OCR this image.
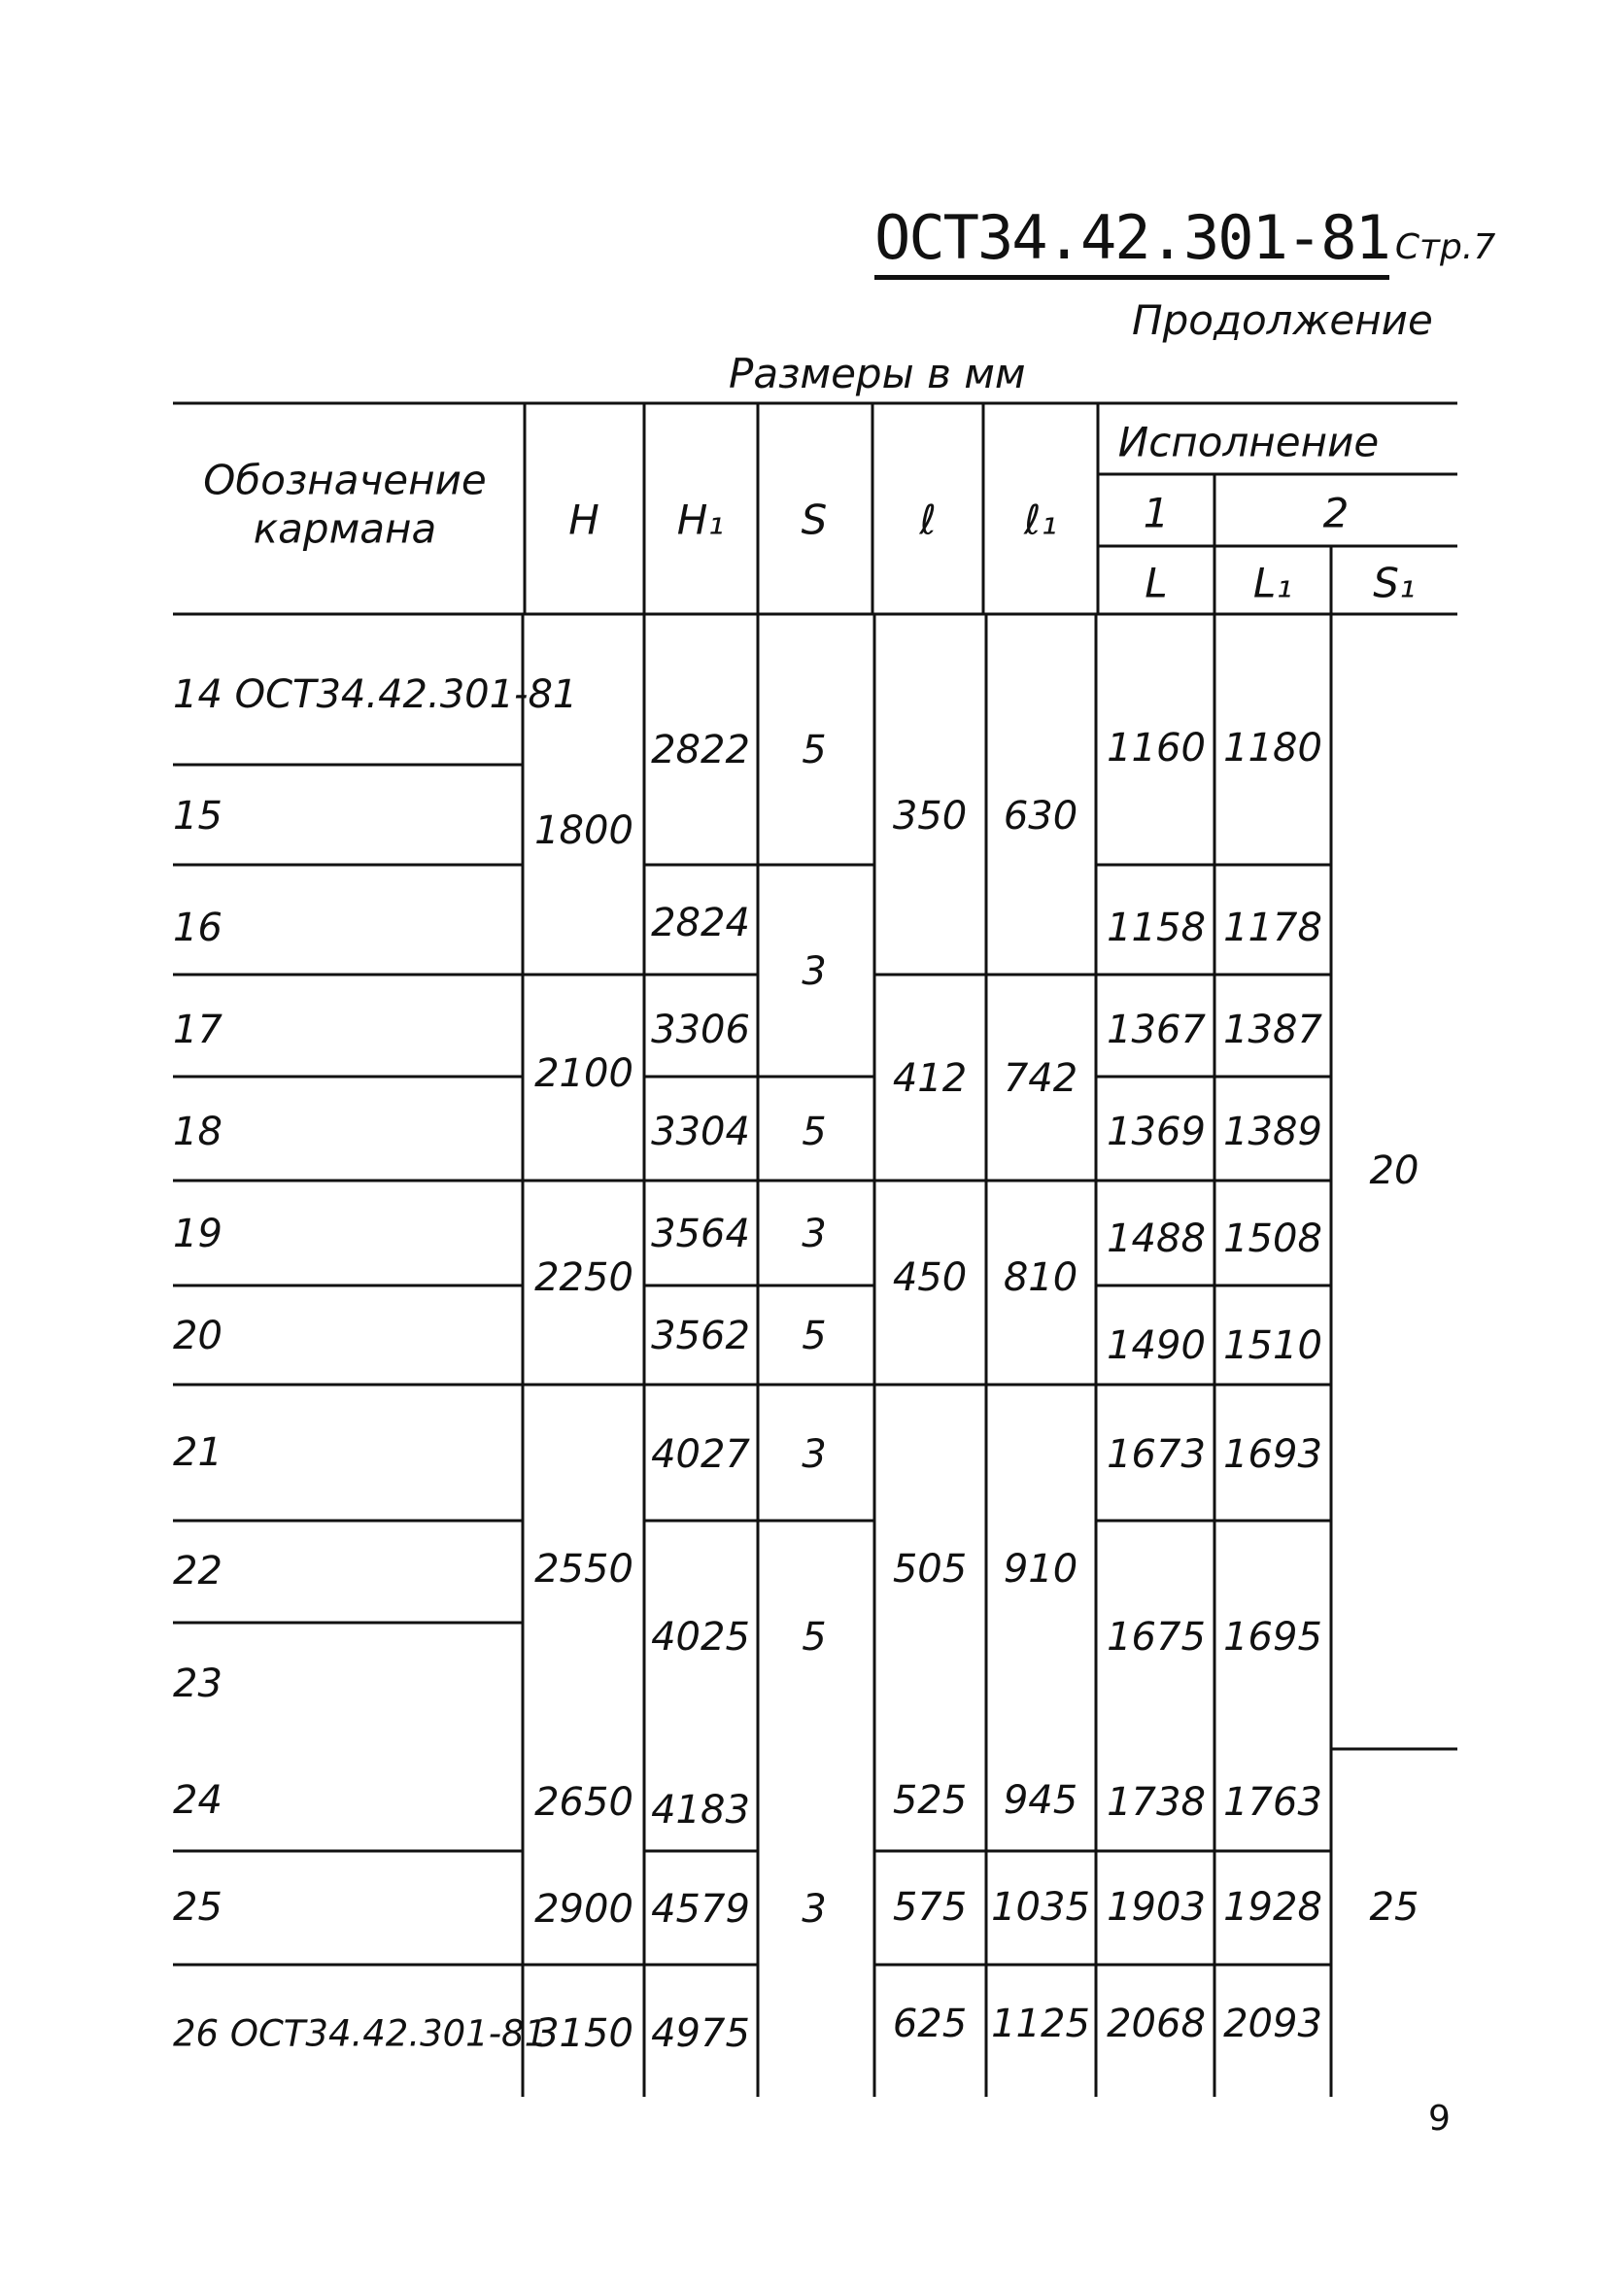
ОСТ34.42.301-81 Стр.7
Продолжение
Размеры в мм
Обозначение кармана	H H₁ S ℓ ℓ₁
Исполнение
1	2
L L₁ S₁
14 ОСТ34.42.301-81
15
16
17
18
19
20
21
22
23
24
25
26 ОСТ34.42.301-81
1800
2100
2250
2550
2650
2900
3150
2822
2824
3306
3304
3564
3562
4027
4025
4183
4579
4975
5
3
5
3
5
3
5
3
350
412
450
505
525
575
625
630
742
810
910
945
1035
1125
1160
1158
1367
1369
1488
1490
1673
1675
1738
1903
2068
1180
1178
1387
1389
1508
1510
1693
1695
1763
1928
2093
20
25
9
